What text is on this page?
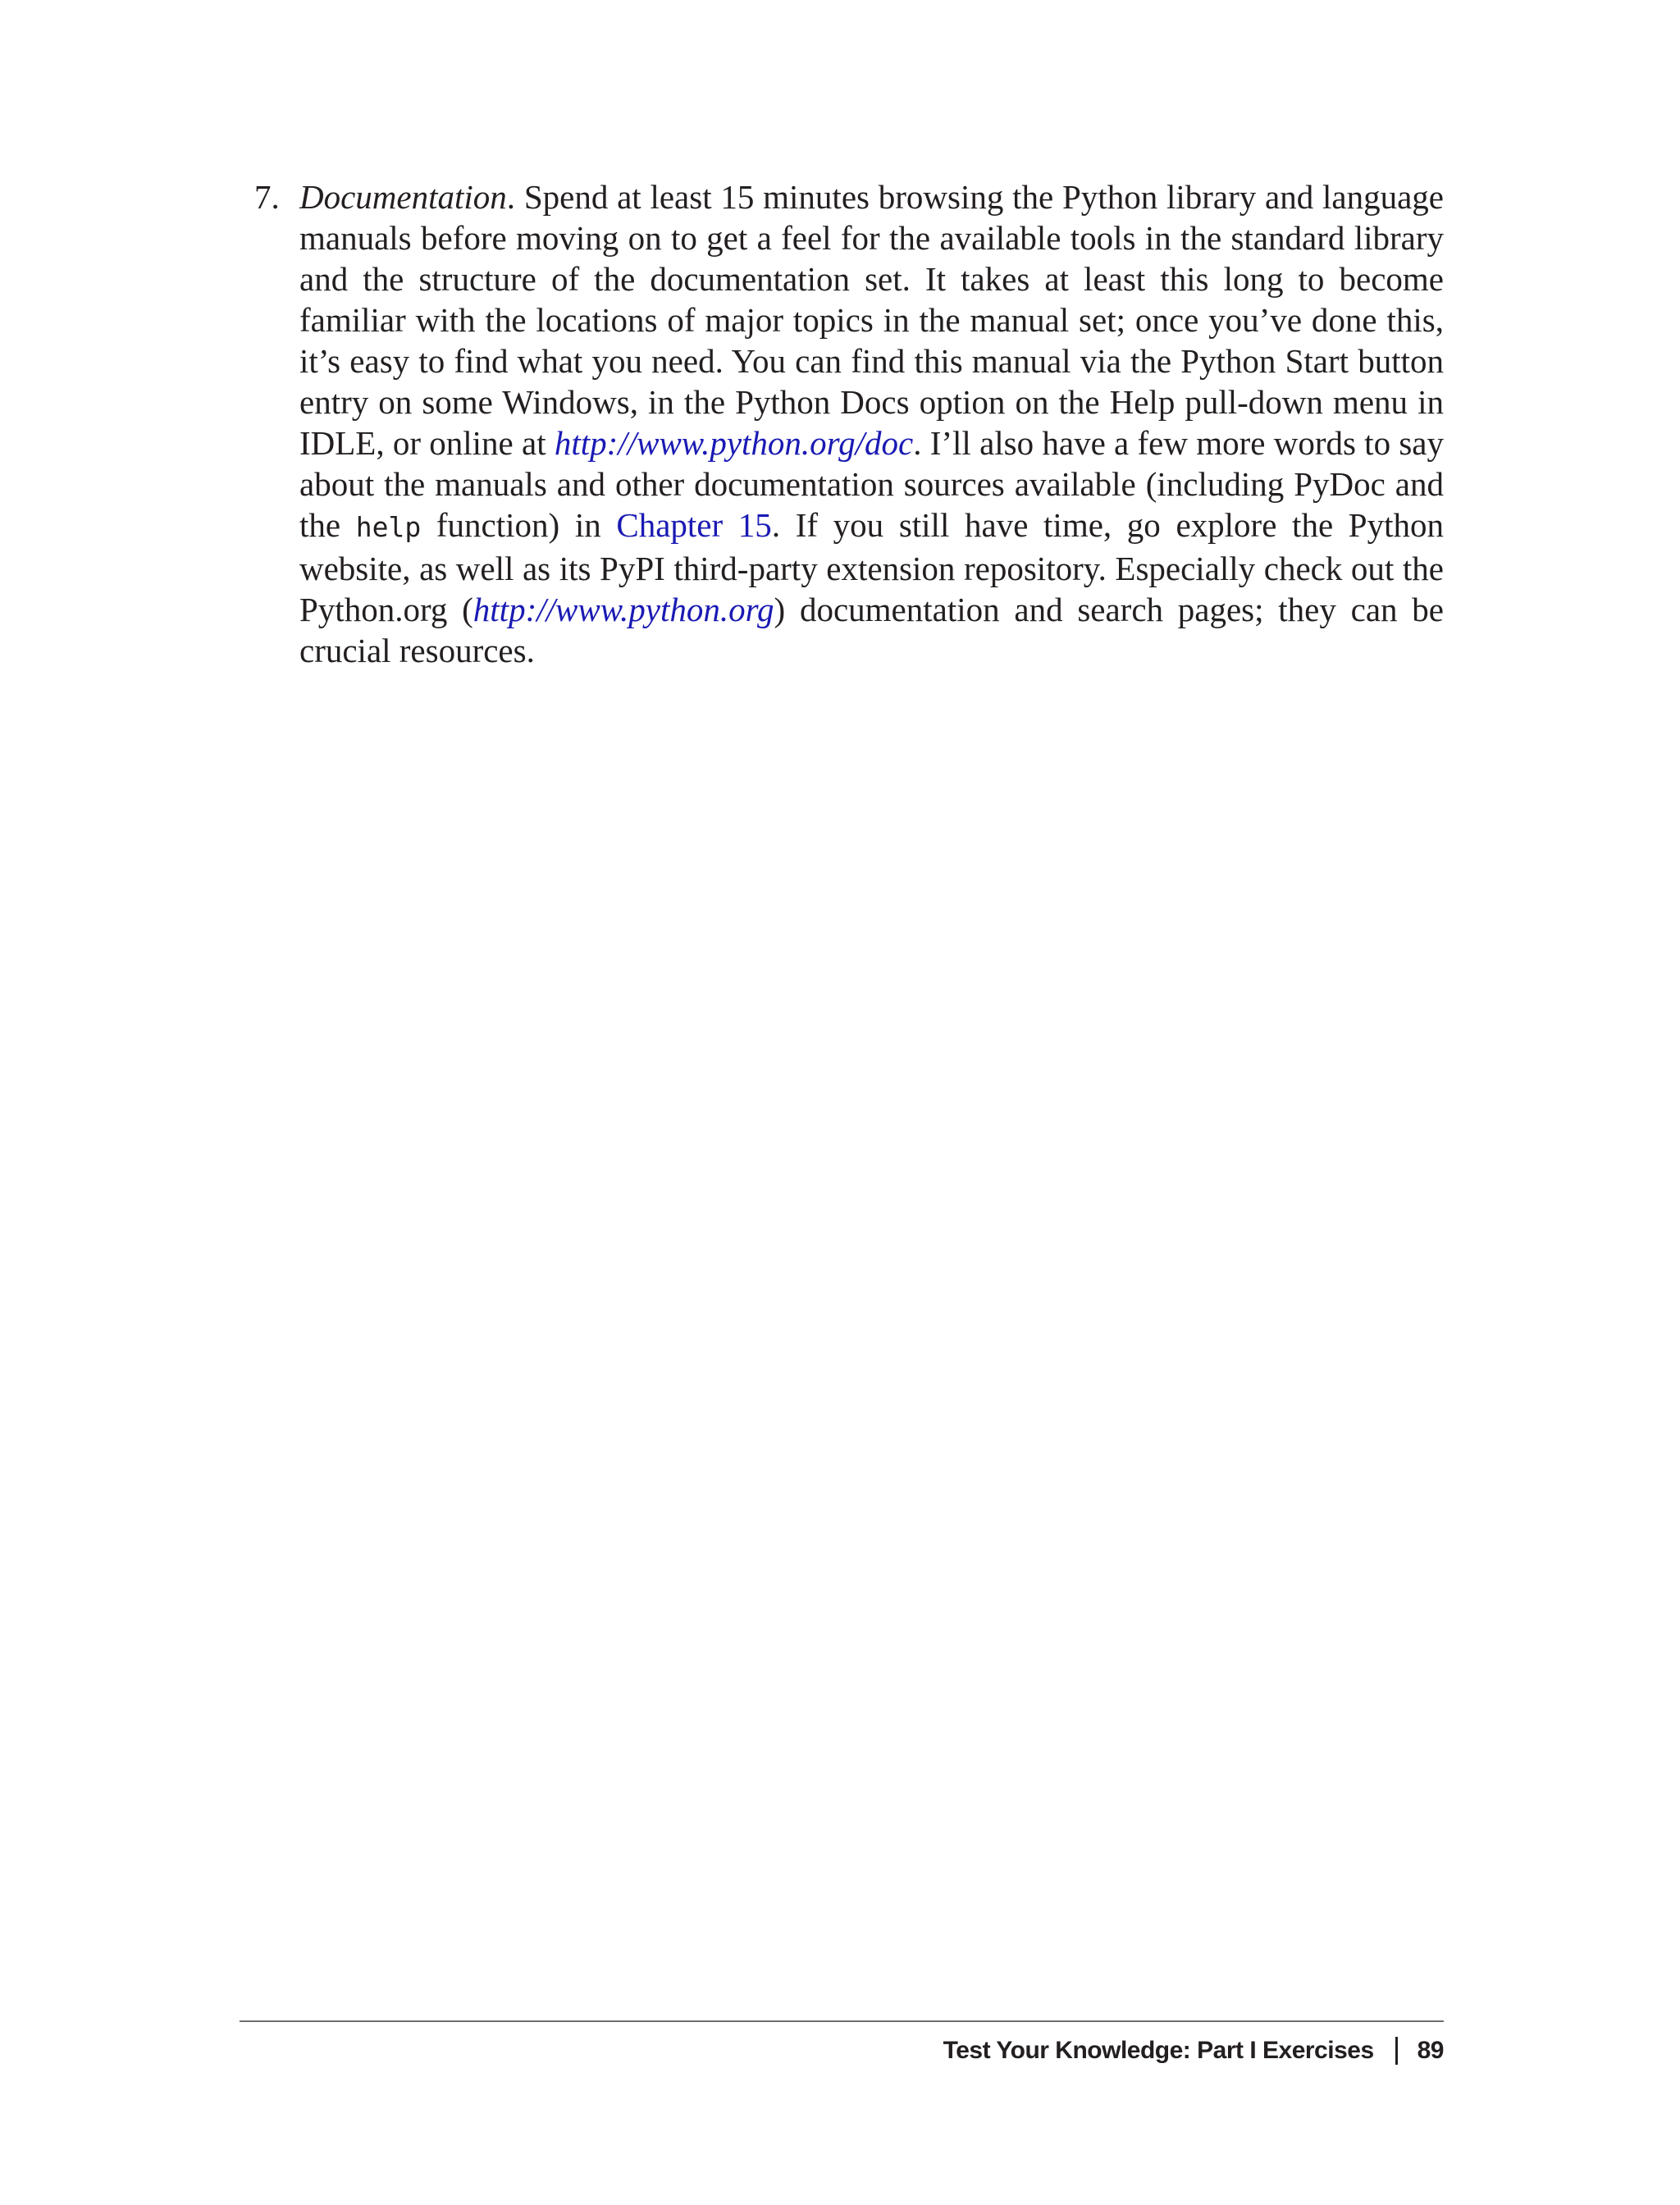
7. Documentation. Spend at least 15 minutes browsing the Python library and language manuals before moving on to get a feel for the available tools in the standard library and the structure of the documentation set. It takes at least this long to become familiar with the locations of major topics in the manual set; once you’ve done this, it’s easy to find what you need. You can find this manual via the Python Start button entry on some Windows, in the Python Docs option on the Help pull-down menu in IDLE, or online at http://www.python.org/doc. I’ll also have a few more words to say about the manuals and other documentation sources available (including PyDoc and the help function) in Chapter 15. If you still have time, go explore the Python website, as well as its PyPI third-party extension repository. Especially check out the Python.org (http://www.python.org) documentation and search pages; they can be crucial resources.
Test Your Knowledge: Part I Exercises 89
